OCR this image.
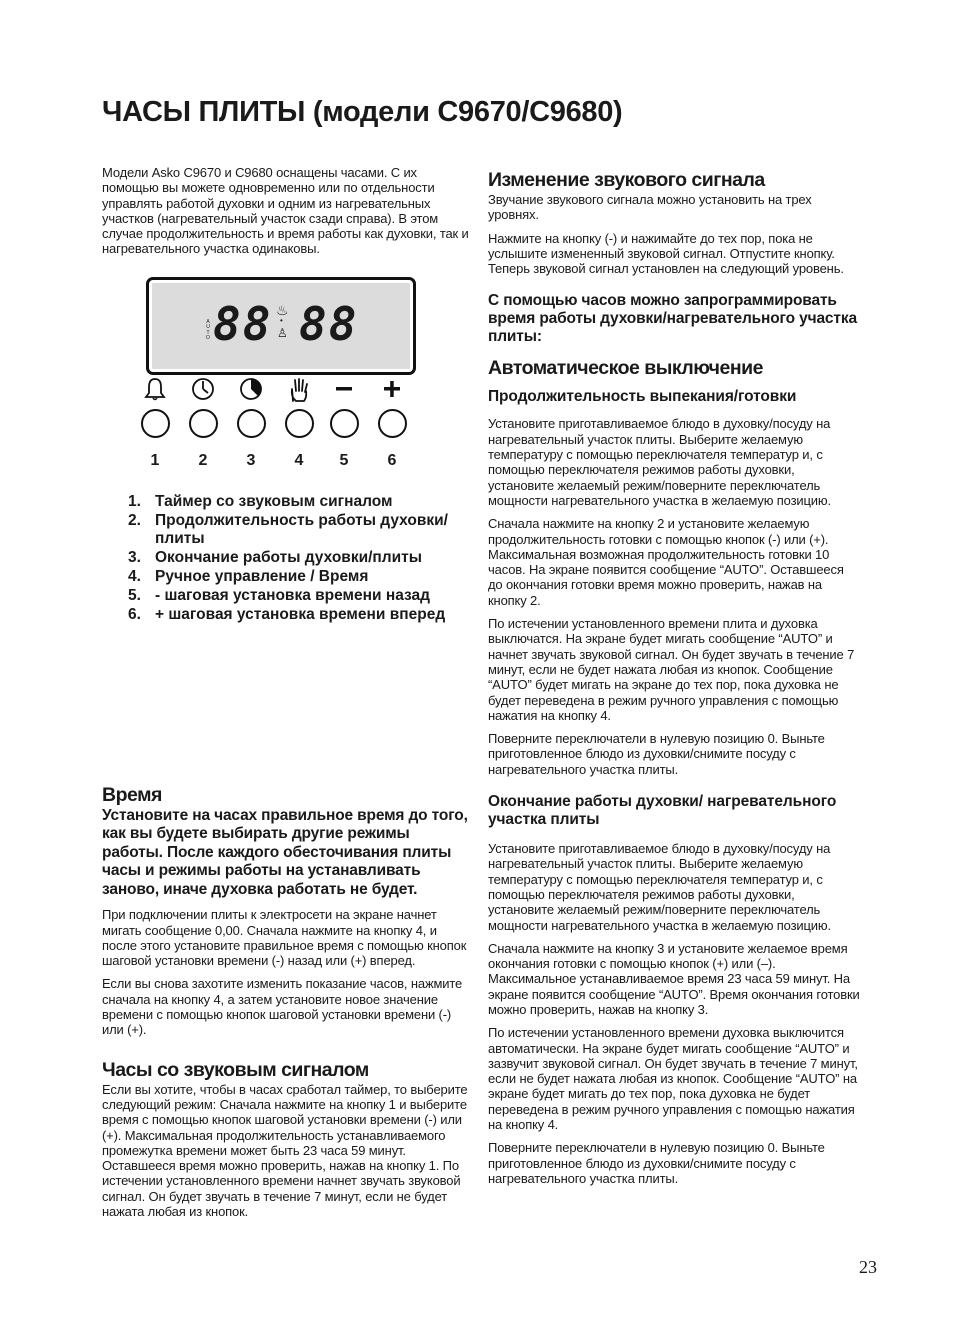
ЧАСЫ ПЛИТЫ (модели C9670/C9680)

Модели Asko C9670 и C9680 оснащены часами. С их помощью вы можете одновременно или по отдельности управлять работой духовки и одним из нагревательных участков (нагревательный участок сзади справа). В этом случае продолжительность и время работы как духовки, так и нагревательного участка одинаковы.

AUTO 88 ♨
•
♙ 88
1	2	3	4	5	6
1. Таймер со звуковым сигналом
2. Продолжительность работы духовки/плиты
3. Окончание работы духовки/плиты
4. Ручное управление / Время
5. - шаговая установка времени назад
6. + шаговая установка времени вперед
Время

Установите на часах правильное время до того, как вы будете выбирать другие режимы работы. После каждого обесточивания плиты часы и режимы работы на устанавливать заново, иначе духовка работать не будет.

При подключении плиты к электросети на экране начнет мигать сообщение 0,00. Сначала нажмите на кнопку 4, и после этого установите правильное время с помощью кнопок шаговой установки времени (-) назад или (+) вперед.

Если вы снова захотите изменить показание часов, нажмите сначала на кнопку 4, а затем установите новое значение времени с помощью кнопок шаговой установки времени (-) или (+).

Часы со звуковым сигналом

Если вы хотите, чтобы в часах сработал таймер, то выберите следующий режим: Сначала нажмите на кнопку 1 и выберите время с помощью кнопок шаговой установки времени (-) или (+). Максимальная продолжительность устанавливаемого промежутка времени может быть 23 часа 59 минут. Оставшееся время можно проверить, нажав на кнопку 1. По истечении установленного времени начнет звучать звуковой сигнал. Он будет звучать в течение 7 минут, если не будет нажата любая из кнопок.

Изменение звукового сигнала

Звучание звукового сигнала можно установить на трех уровнях.

Нажмите на кнопку (-) и нажимайте до тех пор, пока не услышите измененный звуковой сигнал. Отпустите кнопку. Теперь звуковой сигнал установлен на следующий уровень.

С помощью часов можно запрограммировать время работы духовки/нагревательного участка плиты:

Автоматическое выключение
Продолжительность выпекания/готовки

Установите приготавливаемое блюдо в духовку/посуду на нагревательный участок плиты. Выберите желаемую температуру с помощью переключателя температур и, с помощью переключателя режимов работы духовки, установите желаемый режим/поверните переключатель мощности нагревательного участка в желаемую позицию.

Сначала нажмите на кнопку 2 и установите желаемую продолжительность готовки с помощью кнопок (-) или (+). Максимальная возможная продолжительность готовки 10 часов. На экране появится сообщение “AUTO”. Оставшееся до окончания готовки время можно проверить, нажав на кнопку 2.

По истечении установленного времени плита и духовка выключатся. На экране будет мигать сообщение “AUTO” и начнет звучать звуковой сигнал. Он будет звучать в течение 7 минут, если не будет нажата любая из кнопок. Сообщение “AUTO” будет мигать на экране до тех пор, пока духовка не будет переведена в режим ручного управления с помощью нажатия на кнопку 4.

Поверните переключатели в нулевую позицию 0. Выньте приготовленное блюдо из духовки/снимите посуду с нагревательного участка плиты.

Окончание работы духовки/ нагревательного участка плиты

Установите приготавливаемое блюдо в духовку/посуду на нагревательный участок плиты. Выберите желаемую температуру с помощью переключателя температур и, с помощью переключателя режимов работы духовки, установите желаемый режим/поверните переключатель мощности нагревательного участка в желаемую позицию.

Сначала нажмите на кнопку 3 и установите желаемое время окончания готовки с помощью кнопок (+) или (–). Максимальное устанавливаемое время 23 часа 59 минут. На экране появится сообщение “AUTO”. Время окончания готовки можно проверить, нажав на кнопку 3.

По истечении установленного времени духовка выключится автоматически. На экране будет мигать сообщение “AUTO” и зазвучит звуковой сигнал. Он будет звучать в течение 7 минут, если не будет нажата любая из кнопок. Сообщение “AUTO” на экране будет мигать до тех пор, пока духовка не будет переведена в режим ручного управления с помощью нажатия на кнопку 4.

Поверните переключатели в нулевую позицию 0. Выньте приготовленное блюдо из духовки/снимите посуду с нагревательного участка плиты.

23
